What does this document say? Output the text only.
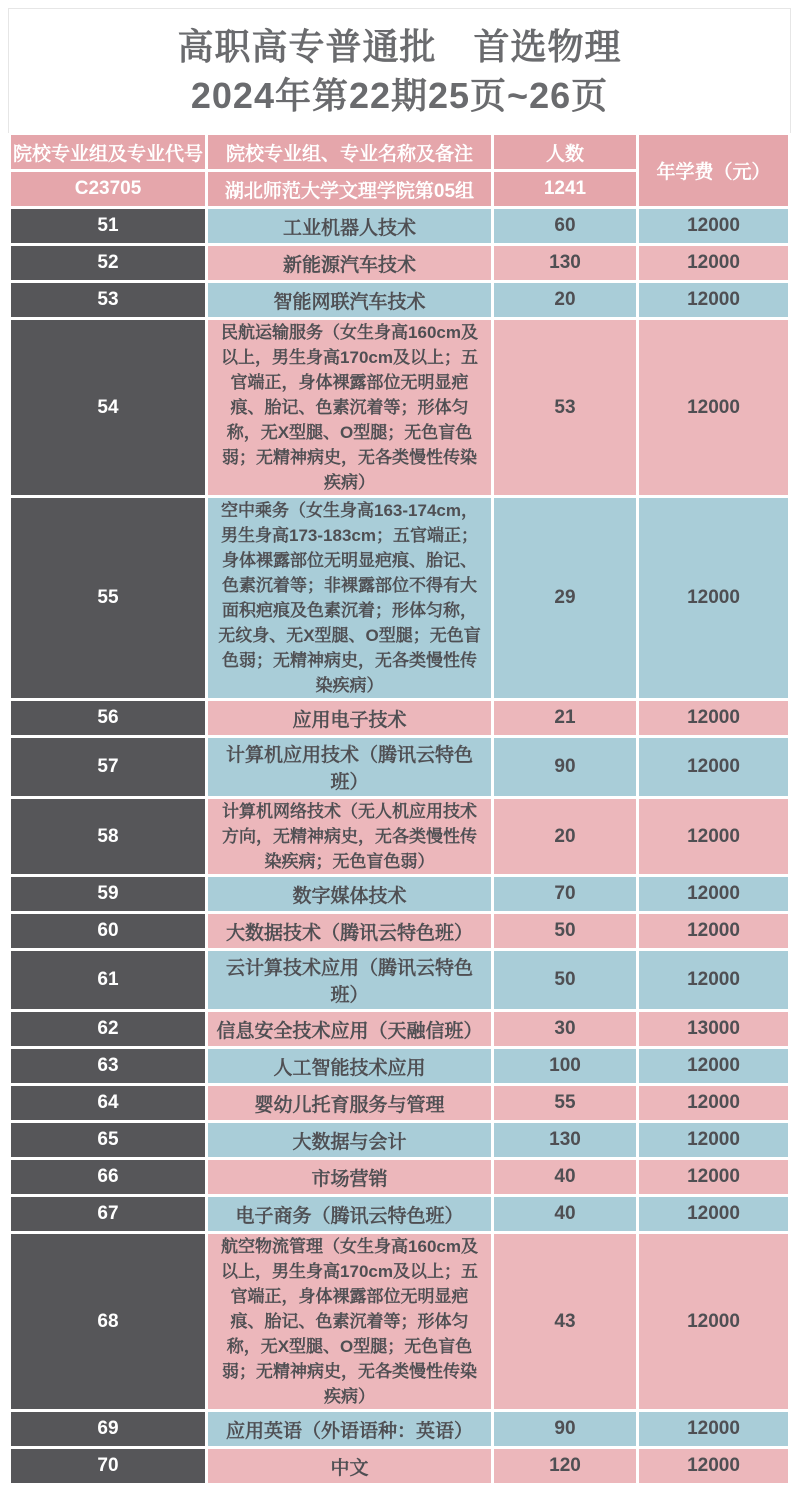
高职高专普通批　首选物理
2024年第22期25页~26页
院校专业组及专业代号	院校专业组、专业名称及备注	人数	年学费（元）
C23705	湖北师范大学文理学院第05组	1241	
51	工业机器人技术	60	12000
52	新能源汽车技术	130	12000
53	智能网联汽车技术	20	12000
54	民航运输服务（女生身高160cm及以上，男生身高170cm及以上；五官端正，身体裸露部位无明显疤痕、胎记、色素沉着等；形体匀称，无X型腿、O型腿；无色盲色弱；无精神病史，无各类慢性传染疾病）	53	12000
55	空中乘务（女生身高163-174cm，男生身高173-183cm；五官端正；身体裸露部位无明显疤痕、胎记、色素沉着等；非裸露部位不得有大面积疤痕及色素沉着；形体匀称，无纹身、无X型腿、O型腿；无色盲色弱；无精神病史，无各类慢性传染疾病）	29	12000
56	应用电子技术	21	12000
57	计算机应用技术（腾讯云特色班）	90	12000
58	计算机网络技术（无人机应用技术方向，无精神病史，无各类慢性传染疾病；无色盲色弱）	20	12000
59	数字媒体技术	70	12000
60	大数据技术（腾讯云特色班）	50	12000
61	云计算技术应用（腾讯云特色班）	50	12000
62	信息安全技术应用（天融信班）	30	13000
63	人工智能技术应用	100	12000
64	婴幼儿托育服务与管理	55	12000
65	大数据与会计	130	12000
66	市场营销	40	12000
67	电子商务（腾讯云特色班）	40	12000
68	航空物流管理（女生身高160cm及以上，男生身高170cm及以上；五官端正，身体裸露部位无明显疤痕、胎记、色素沉着等；形体匀称，无X型腿、O型腿；无色盲色弱；无精神病史，无各类慢性传染疾病）	43	12000
69	应用英语（外语语种：英语）	90	12000
70	中文	120	12000
